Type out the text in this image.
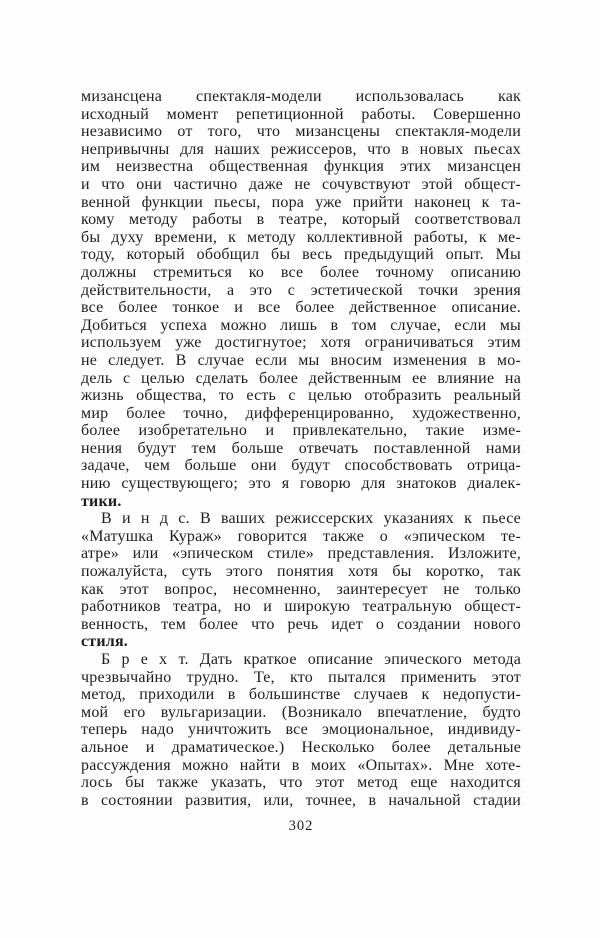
мизансцена спектакля-модели использовалась как
исходный момент репетиционной работы. Совершенно
независимо от того, что мизансцены спектакля-модели
непривычны для наших режиссеров, что в новых пьесах
им неизвестна общественная функция этих мизансцен
и что они частично даже не сочувствуют этой общест-
венной функции пьесы, пора уже прийти наконец к та-
кому методу работы в театре, который соответствовал
бы духу времени, к методу коллективной работы, к ме-
тоду, который обобщил бы весь предыдущий опыт. Мы
должны стремиться ко все более точному описанию
действительности, а это с эстетической точки зрения
все более тонкое и все более действенное описание.
Добиться успеха можно лишь в том случае, если мы
используем уже достигнутое; хотя ограничиваться этим
не следует. В случае если мы вносим изменения в мо-
дель с целью сделать более действенным ее влияние на
жизнь общества, то есть с целью отобразить реальный
мир более точно, дифференцированно, художественно,
более изобретательно и привлекательно, такие изме-
нения будут тем больше отвечать поставленной нами
задаче, чем больше они будут способствовать отрица-
нию существующего; это я говорю для знатоков диалек-
тики.
В и н д с. В ваших режиссерских указаниях к пьесе
«Матушка Кураж» говорится также о «эпическом те-
атре» или «эпическом стиле» представления. Изложите,
пожалуйста, суть этого понятия хотя бы коротко, так
как этот вопрос, несомненно, заинтересует не только
работников театра, но и широкую театральную общест-
венность, тем более что речь идет о создании нового
стиля.
Б р е х т. Дать краткое описание эпического метода
чрезвычайно трудно. Те, кто пытался применить этот
метод, приходили в большинстве случаев к недопусти-
мой его вульгаризации. (Возникало впечатление, будто
теперь надо уничтожить все эмоциональное, индивиду-
альное и драматическое.) Несколько более детальные
рассуждения можно найти в моих «Опытах». Мне хоте-
лось бы также указать, что этот метод еще находится
в состоянии развития, или, точнее, в начальной стадии
302
